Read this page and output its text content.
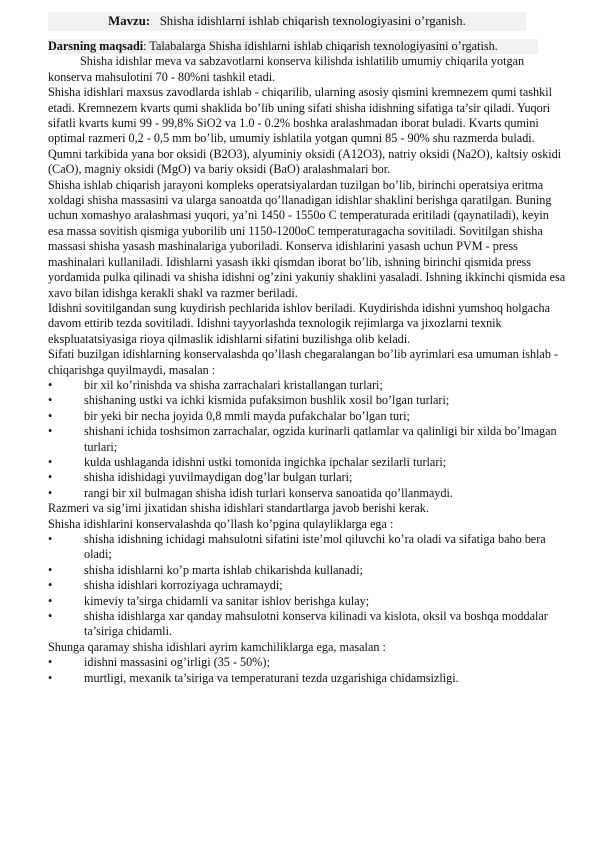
Mavzu: Shisha idishlarni ishlab chiqarish texnologiyasini o’rganish.
Darsning maqsadi: Talabalarga Shisha idishlarni ishlab chiqarish texnologiyasini o’rgatish.

Shisha idishlar meva va sabzavotlarni konserva kilishda ishlatilib umumiy chiqarila yotgan konserva mahsulotini 70 - 80%ni tashkil etadi.

Shisha idishlari maxsus zavodlarda ishlab - chiqarilib, ularning asosiy qismini kremnezem qumi tashkil etadi. Kremnezem kvarts qumi shaklida bo’lib uning sifati shisha idishning sifatiga ta’sir qiladi. Yuqori sifatli kvarts kumi 99 - 99,8% SiO2 va 1.0 - 0.2% boshka aralashmadan iborat buladi. Kvarts qumini optimal razmeri 0,2 - 0,5 mm bo’lib, umumiy ishlatila yotgan qumni 85 - 90% shu razmerda buladi. Qumni tarkibida yana bor oksidi (B2O3), alyuminiy oksidi (A12O3), natriy oksidi (Na2O), kaltsiy oskidi (CaO), magniy oksidi (MgO) va bariy oksidi (BaO) aralashmalari bor.

Shisha ishlab chiqarish jarayoni kompleks operatsiyalardan tuzilgan bo’lib, birinchi operatsiya eritma xoldagi shisha massasini va ularga sanoatda qo’llanadigan idishlar shaklini berishga qaratilgan. Buning uchun xomashyo aralashmasi yuqori, ya’ni 1450 - 1550o C temperaturada eritiladi (qaynatiladi), keyin esa massa sovitish qismiga yuborilib uni 1150-1200oC temperaturagacha sovitiladi. Sovitilgan shisha massasi shisha yasash mashinalariga yuboriladi. Konserva idishlarini yasash uchun PVM - press mashinalari kullaniladi. Idishlarni yasash ikki qismdan iborat bo’lib, ishning birinchi qismida press yordamida pulka qilinadi va shisha idishni og’zini yakuniy shaklini yasaladi. Ishning ikkinchi qismida esa xavo bilan idishga kerakli shakl va razmer beriladi.

Idishni sovitilgandan sung kuydirish pechlarida ishlov beriladi. Kuydirishda idishni yumshoq holgacha davom ettirib tezda sovitiladi. Idishni tayyorlashda texnologik rejimlarga va jixozlarni texnik ekspluatatsiyasiga rioya qilmaslik idishlarni sifatini buzilishga olib keladi.

Sifati buzilgan idishlarning konservalashda qo’llash chegaralangan bo’lib ayrimlari esa umuman ishlab - chiqarishga quyilmaydi, masalan :

•	bir xil ko’rinishda va shisha zarrachalari kristallangan turlari;

•	shishaning ustki va ichki kismida pufaksimon bushlik xosil bo’lgan turlari;

•	bir yeki bir necha joyida 0,8 mmli mayda pufakchalar bo’lgan turi;

•	shishani ichida toshsimon zarrachalar, ogzida kurinarli qatlamlar va qalinligi bir xilda bo’lmagan turlari;

•	kulda ushlaganda idishni ustki tomonida ingichka ipchalar sezilarli turlari;

•	shisha idishidagi yuvilmaydigan dog’lar bulgan turlari;

•	rangi bir xil bulmagan shisha idish turlari konserva sanoatida qo’llanmaydi.

Razmeri va sig’imi jixatidan shisha idishlari standartlarga javob berishi kerak.

Shisha idishlarini konservalashda qo’llash ko’pgina qulayliklarga ega :

•	shisha idishning ichidagi mahsulotni sifatini iste’mol qiluvchi ko’ra oladi va sifatiga baho bera oladi;

•	shisha idishlarni ko’p marta ishlab chikarishda kullanadi;

•	shisha idishlari korroziyaga uchramaydi;

•	kimeviy ta’sirga chidamli va sanitar ishlov berishga kulay;

•	shisha idishlarga xar qanday mahsulotni konserva kilinadi va kislota, oksil va boshqa moddalar ta’siriga chidamli.

Shunga qaramay shisha idishlari ayrim kamchiliklarga ega, masalan :

•	idishni massasini og’irligi (35 - 50%);

•	murtligi, mexanik ta’siriga va temperaturani tezda uzgarishiga chidamsizligi.
